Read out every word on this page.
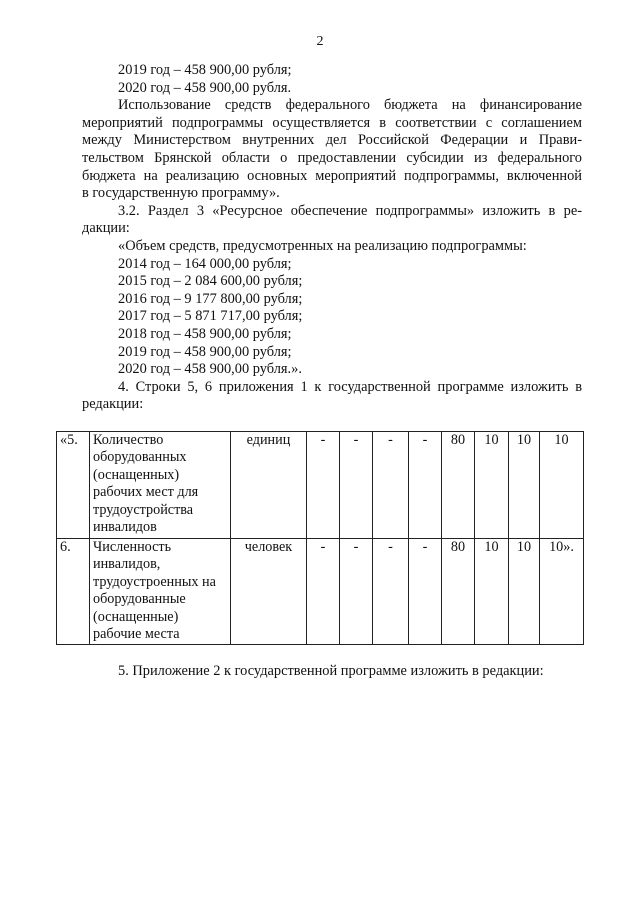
2

2019 год – 458 900,00 рубля;

2020 год – 458 900,00 рубля.

Использование средств федерального бюджета на финансирование

мероприятий подпрограммы осуществляется в соответствии с соглашением

между Министерством внутренних дел Российской Федерации и Прави-

тельством Брянской области о предоставлении субсидии из федерального

бюджета на реализацию основных мероприятий подпрограммы, включенной

в государственную программу».

3.2. Раздел 3 «Ресурсное обеспечение подпрограммы» изложить в ре-

дакции:

«Объем средств, предусмотренных на реализацию подпрограммы:

2014 год – 164 000,00 рубля;

2015 год – 2 084 600,00 рубля;

2016 год – 9 177 800,00 рубля;

2017 год – 5 871 717,00 рубля;

2018 год – 458 900,00 рубля;

2019 год – 458 900,00 рубля;

2020 год – 458 900,00 рубля.».

4. Строки 5, 6 приложения 1 к государственной программе изложить в

редакции:

«5.	Количество оборудованных (оснащенных) рабочих мест для трудоустройства инвалидов	единиц	-	-	-	-	80	10	10	10
6.	Численность инвалидов, трудоустроенных на оборудованные (оснащенные) рабочие места	человек	-	-	-	-	80	10	10	10».

5. Приложение 2 к государственной программе изложить в редакции:
